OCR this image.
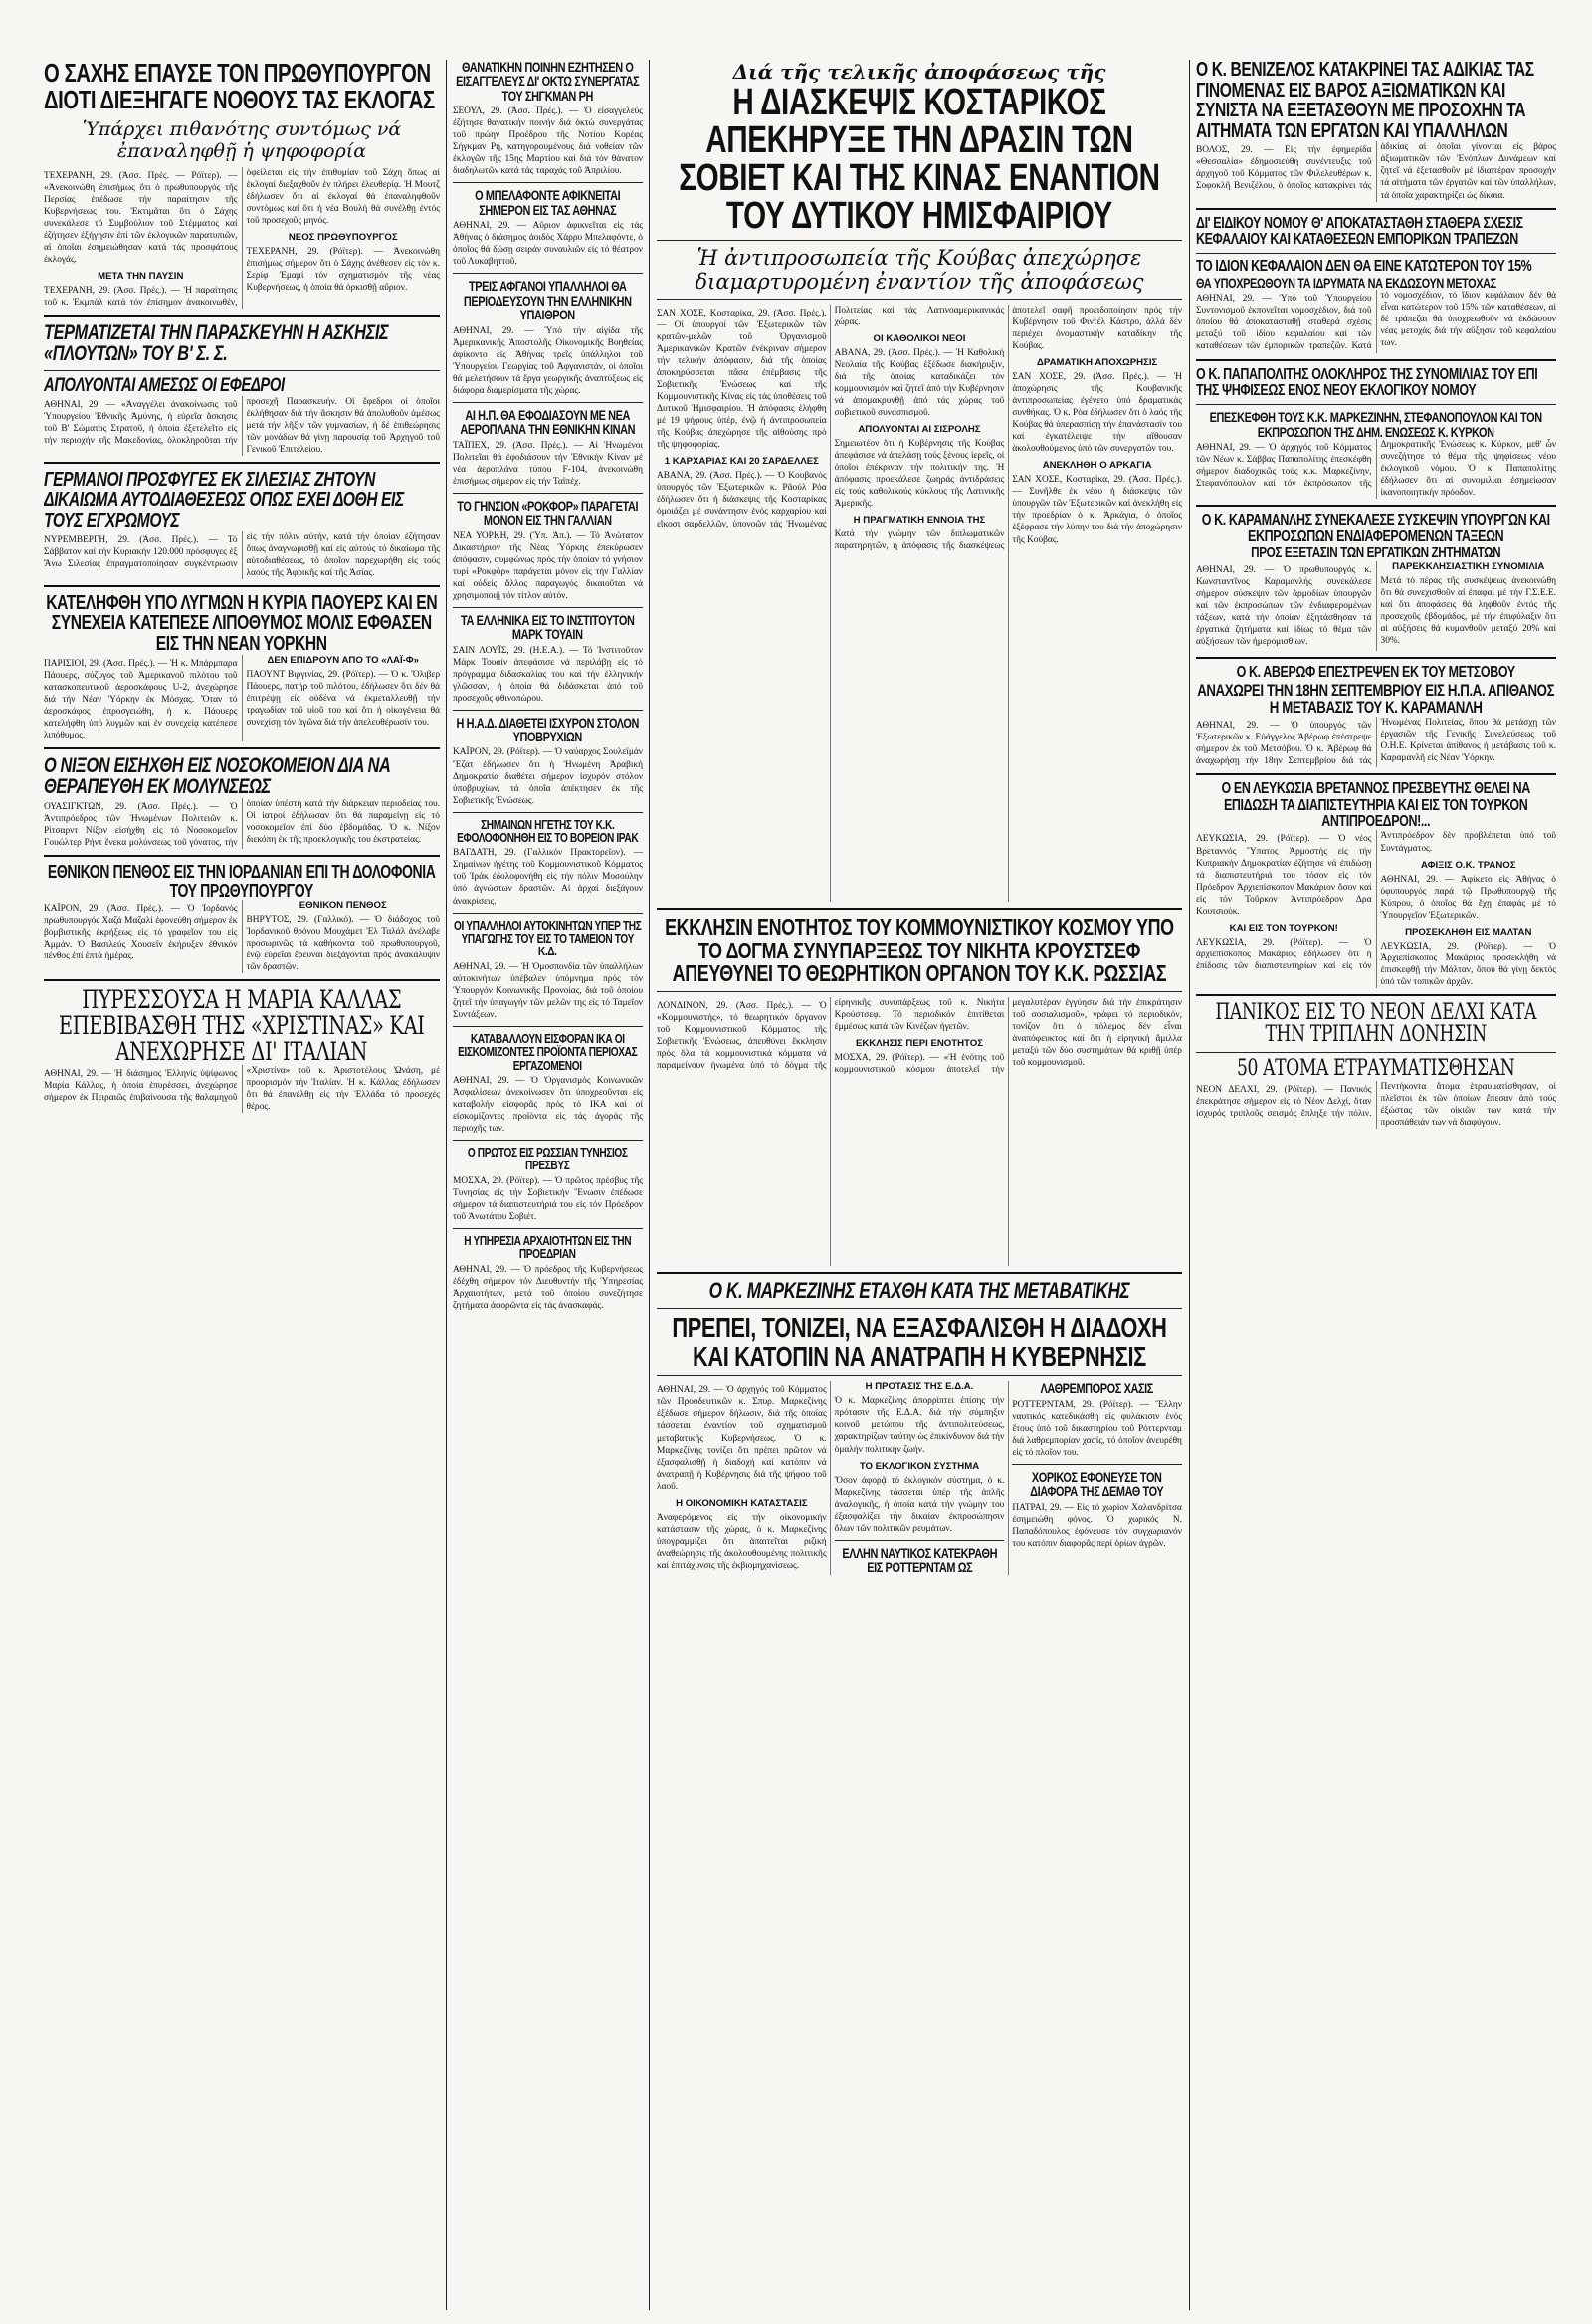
Ο ΣΑΧΗΣ ΕΠΑΥΣΕ ΤΟΝ ΠΡΩΘΥΠΟΥΡΓΟΝ ΔΙΟΤΙ ΔΙΕΞΗΓΑΓΕ ΝΟΘΟΥΣ ΤΑΣ ΕΚΛΟΓΑΣ
Ὑπάρχει πιθανότης συντόμως νά ἐπαναληφθῇ ἡ ψηφοφορία

ΤΕΧΕΡΑΝΗ, 29. (Ἀσσ. Πρές. — Ρόϊτερ). — «Ἀνεκοινώθη ἐπισήμως ὅτι ὁ πρωθυπουργός τῆς Περσίας ἐπέδωσε τήν παραίτησιν τῆς Κυβερνήσεως του. Ἐκτιμᾶται ὅτι ὁ Σάχης συνεκάλεσε τό Συμβούλιον τοῦ Στέμματος καί ἐζήτησεν ἐξήγησιν ἐπί τῶν ἐκλογικῶν παρατυπιῶν, αἱ ὁποῖαι ἐσημειώθησαν κατά τάς προσφάτους ἐκλογάς.

ΜΕΤΑ ΤΗΝ ΠΑΥΣΙΝ

ΤΕΧΕΡΑΝΗ, 29. (Ἀσσ. Πρές.). — Ἡ παραίτησις τοῦ κ. Ἐκμπάλ κατά τόν ἐπίσημον ἀνακοινωθέν, ὀφείλεται εἰς τήν ἐπιθυμίαν τοῦ Σάχη ὅπως αἱ ἐκλογαί διεξαχθοῦν ἐν πλήρει ἐλευθερίᾳ. Ἡ Μουτζ ἐδήλωσεν ὅτι αἱ ἐκλογαί θά ἐπαναληφθοῦν συντόμως καί ὅτι ἡ νέα Βουλή θά συνέλθῃ ἐντός τοῦ προσεχοῦς μηνός.

ΝΕΟΣ ΠΡΩΘΥΠΟΥΡΓΟΣ

ΤΕΧΕΡΑΝΗ, 29. (Ρόϊτερ). — Ἀνεκοινώθη ἐπισήμως σήμερον ὅτι ὁ Σάχης ἀνέθεσεν εἰς τόν κ. Σερίφ Ἐμαμί τόν σχηματισμόν τῆς νέας Κυβερνήσεως, ἡ ὁποία θά ὁρκισθῇ αὔριον.

ΤΕΡΜΑΤΙΖΕΤΑΙ ΤΗΝ ΠΑΡΑΣΚΕΥΗΝ Η ΑΣΚΗΣΙΣ «ΠΛΟΥΤΩΝ» ΤΟΥ Β' Σ. Σ.
ΑΠΟΛΥΟΝΤΑΙ ΑΜΕΣΩΣ ΟΙ ΕΦΕΔΡΟΙ

ΑΘΗΝΑΙ, 29. — «Ἀναγγέλει ἀνακοίνωσις τοῦ Ὑπουργείου Ἐθνικῆς Ἀμύνης, ἡ εὐρεῖα ἄσκησις τοῦ Β' Σώματος Στρατοῦ, ἡ ὁποία ἐξετελεῖτο εἰς τήν περιοχήν τῆς Μακεδονίας, ὁλοκληροῦται τήν προσεχῆ Παρασκευήν. Οἱ ἔφεδροι οἱ ὁποῖοι ἐκλήθησαν διά τήν ἄσκησιν θά ἀπολυθοῦν ἀμέσως μετά τήν λῆξιν τῶν γυμνασίων, ἡ δέ ἐπιθεώρησις τῶν μονάδων θά γίνῃ παρουσίᾳ τοῦ Ἀρχηγοῦ τοῦ Γενικοῦ Ἐπιτελείου.

ΓΕΡΜΑΝΟΙ ΠΡΟΣΦΥΓΕΣ ΕΚ ΣΙΛΕΣΙΑΣ ΖΗΤΟΥΝ ΔΙΚΑΙΩΜΑ ΑΥΤΟΔΙΑΘΕΣΕΩΣ ΟΠΩΣ ΕΧΕΙ ΔΟΘΗ ΕΙΣ ΤΟΥΣ ΕΓΧΡΩΜΟΥΣ

ΝΥΡΕΜΒΕΡΓΗ, 29. (Ἀσσ. Πρές.). — Τό Σάββατον καί τήν Κυριακήν 120.000 πρόσφυγες ἐξ Ἄνω Σιλεσίας ἐπραγματοποίησαν συγκέντρωσιν εἰς τήν πόλιν αὐτήν, κατά τήν ὁποίαν ἐζήτησαν ὅπως ἀναγνωρισθῇ καί εἰς αὐτούς τό δικαίωμα τῆς αὐτοδιαθέσεως, τό ὁποῖον παρεχωρήθη εἰς τούς λαούς τῆς Ἀφρικῆς καί τῆς Ἀσίας.

ΚΑΤΕΛΗΦΘΗ ΥΠΟ ΛΥΓΜΩΝ Η ΚΥΡΙΑ ΠΑΟΥΕΡΣ ΚΑΙ ΕΝ ΣΥΝΕΧΕΙΑ ΚΑΤΕΠΕΣΕ ΛΙΠΟΘΥΜΟΣ ΜΟΛΙΣ ΕΦΘΑΣΕΝ ΕΙΣ ΤΗΝ ΝΕΑΝ ΥΟΡΚΗΝ

ΠΑΡΙΣΙΟΙ, 29. (Ἀσσ. Πρές.). — Ἡ κ. Μπάρμπαρα Πάουερς, σύζυγος τοῦ Ἀμερικανοῦ πιλότου τοῦ κατασκοπευτικοῦ ἀεροσκάφους U-2, ἀνεχώρησε διά τήν Νέαν Ὑόρκην ἐκ Μόσχας. Ὅταν τό ἀεροσκάφος ἐπροσγειώθη, ἡ κ. Πάουερς κατελήφθη ὑπό λυγμῶν καί ἐν συνεχείᾳ κατέπεσε λιπόθυμος.

ΔΕΝ ΕΠΙΔΡΟΥΝ ΑΠΟ ΤΟ «ΛΑΪ-Φ»

ΠΑΟΥΝΤ Βιργινίας, 29. (Ρόϊτερ). — Ὁ κ. Ὄλιβερ Πάουερς, πατήρ τοῦ πιλότου, ἐδήλωσεν ὅτι δέν θά ἐπιτρέψῃ εἰς οὐδένα νά ἐκμεταλλευθῇ τήν τραγωδίαν τοῦ υἱοῦ του καί ὅτι ἡ οἰκογένεια θά συνεχίσῃ τόν ἀγῶνα διά τήν ἀπελευθέρωσίν του.

Ο ΝΙΞΟΝ ΕΙΣΗΧΘΗ ΕΙΣ ΝΟΣΟΚΟΜΕΙΟΝ ΔΙΑ ΝΑ ΘΕΡΑΠΕΥΘΗ ΕΚ ΜΟΛΥΝΣΕΩΣ

ΟΥΑΣΙΓΚΤΩΝ, 29. (Ἀσσ. Πρές.). — Ὁ Ἀντιπρόεδρος τῶν Ἡνωμένων Πολιτειῶν κ. Ρίτσαρντ Νίξον εἰσήχθη εἰς τό Νοσοκομεῖον Γουώλτερ Ρήντ ἕνεκα μολύνσεως τοῦ γόνατος, τήν ὁποίαν ὑπέστη κατά τήν διάρκειαν περιοδείας του. Οἱ ἰατροί ἐδήλωσαν ὅτι θά παραμείνῃ εἰς τό νοσοκομεῖον ἐπί δύο ἑβδομάδας. Ὁ κ. Νίξον διεκόπη ἐκ τῆς προεκλογικῆς του ἐκστρατείας.

ΕΘΝΙΚΟΝ ΠΕΝΘΟΣ ΕΙΣ ΤΗΝ ΙΟΡΔΑΝΙΑΝ ΕΠΙ ΤΗ ΔΟΛΟΦΟΝΙΑ ΤΟΥ ΠΡΩΘΥΠΟΥΡΓΟΥ

ΚΑΪΡΟΝ, 29. (Ἀσσ. Πρές.). — Ὁ Ἰορδανός πρωθυπουργός Χαζά Μαζαλί ἐφονεύθη σήμερον ἐκ βομβιστικῆς ἐκρήξεως εἰς τό γραφεῖον του εἰς Ἀμμάν. Ὁ Βασιλεύς Χουσεΐν ἐκήρυξεν ἐθνικόν πένθος ἐπί ἑπτά ἡμέρας.

ΕΘΝΙΚΟΝ ΠΕΝΘΟΣ

ΒΗΡΥΤΟΣ, 29. (Γαλλικό). — Ὁ διάδοχος τοῦ Ἰορδανικοῦ θρόνου Μουχάμετ Ἐλ Ταλάλ ἀνέλαβε προσωρινῶς τά καθήκοντα τοῦ πρωθυπουργοῦ, ἐνῷ εὐρεῖαι ἔρευναι διεξάγονται πρός ἀνακάλυψιν τῶν δραστῶν.

ΠΥΡΕΣΣΟΥΣΑ Η ΜΑΡΙΑ ΚΑΛΛΑΣ ΕΠΕΒΙΒΑΣΘΗ ΤΗΣ «ΧΡΙΣΤΙΝΑΣ» ΚΑΙ ΑΝΕΧΩΡΗΣΕ ΔΙ' ΙΤΑΛΙΑΝ

ΑΘΗΝΑΙ, 29. — Ἡ διάσημος Ἑλληνίς ὑψίφωνος Μαρία Κάλλας, ἡ ὁποία ἐπυρέσσει, ἀνεχώρησε σήμερον ἐκ Πειραιῶς ἐπιβαίνουσα τῆς θαλαμηγοῦ «Χριστίνα» τοῦ κ. Ἀριστοτέλους Ὠνάση, μέ προορισμόν τήν Ἰταλίαν. Ἡ κ. Κάλλας ἐδήλωσεν ὅτι θά ἐπανέλθῃ εἰς τήν Ἑλλάδα τό προσεχές θέρος.

ΘΑΝΑΤΙΚΗΝ ΠΟΙΝΗΝ ΕΖΗΤΗΣΕΝ Ο ΕΙΣΑΓΓΕΛΕΥΣ ΔΙ' ΟΚΤΩ ΣΥΝΕΡΓΑΤΑΣ ΤΟΥ ΣΗΓΚΜΑΝ ΡΗ

ΣΕΟΥΛ, 29. (Ἀσσ. Πρές.). — Ὁ εἰσαγγελεύς ἐζήτησε θανατικήν ποινήν διά ὀκτώ συνεργάτας τοῦ πρώην Προέδρου τῆς Νοτίου Κορέας Σήγκμαν Ρή, κατηγορουμένους διά νοθείαν τῶν ἐκλογῶν τῆς 15ης Μαρτίου καί διά τόν θάνατον διαδηλωτῶν κατά τάς ταραχάς τοῦ Ἀπριλίου.

Ο ΜΠΕΛΑΦΟΝΤΕ ΑΦΙΚΝΕΙΤΑΙ ΣΗΜΕΡΟΝ ΕΙΣ ΤΑΣ ΑΘΗΝΑΣ

ΑΘΗΝΑΙ, 29. — Αὔριον ἀφικνεῖται εἰς τάς Ἀθήνας ὁ διάσημος ἀοιδός Χάρρυ Μπελαφόντε, ὁ ὁποῖος θά δώσῃ σειράν συναυλιῶν εἰς τό θέατρον τοῦ Λυκαβηττοῦ.

ΤΡΕΙΣ ΑΦΓΑΝΟΙ ΥΠΑΛΛΗΛΟΙ ΘΑ ΠΕΡΙΟΔΕΥΣΟΥΝ ΤΗΝ ΕΛΛΗΝΙΚΗΝ ΥΠΑΙΘΡΟΝ

ΑΘΗΝΑΙ, 29. — Ὑπό τήν αἰγίδα τῆς Ἀμερικανικῆς Ἀποστολῆς Οἰκονομικῆς Βοηθείας ἀφίκοντο εἰς Ἀθήνας τρεῖς ὑπάλληλοι τοῦ Ὑπουργείου Γεωργίας τοῦ Ἀφγανιστάν, οἱ ὁποῖοι θά μελετήσουν τά ἔργα γεωργικῆς ἀναπτύξεως εἰς διάφορα διαμερίσματα τῆς χώρας.

ΑΙ Η.Π. ΘΑ ΕΦΟΔΙΑΣΟΥΝ ΜΕ ΝΕΑ ΑΕΡΟΠΛΑΝΑ ΤΗΝ ΕΘΝΙΚΗΝ ΚΙΝΑΝ

ΤΑΪΠΕΧ, 29. (Ἀσσ. Πρές.). — Αἱ Ἡνωμένοι Πολιτεῖαι θά ἐφοδιάσουν τήν Ἐθνικήν Κίναν μέ νέα ἀεροπλάνα τύπου F-104, ἀνεκοινώθη ἐπισήμως σήμερον εἰς τήν Ταϊπέχ.

ΤΟ ΓΗΝΣΙΟΝ «ΡΟΚΦΟΡ» ΠΑΡΑΓΕΤΑΙ ΜΟΝΟΝ ΕΙΣ ΤΗΝ ΓΑΛΛΙΑΝ

ΝΕΑ ΥΟΡΚΗ, 29. (Ὑπ. Ἀπ.). — Τό Ἀνώτατον Δικαστήριον τῆς Νέας Ὑόρκης ἐπεκύρωσεν ἀπόφασιν, συμφώνως πρός τήν ὁποίαν τό γνήσιον τυρί «Ροκφόρ» παράγεται μόνον εἰς τήν Γαλλίαν καί οὐδείς ἄλλος παραγωγός δικαιοῦται νά χρησιμοποιῇ τόν τίτλον αὐτόν.

ΤΑ ΕΛΛΗΝΙΚΑ ΕΙΣ ΤΟ ΙΝΣΤΙΤΟΥΤΟΝ ΜΑΡΚ ΤΟΥΑΙΝ

ΣΑΙΝ ΛΟΥΪΣ, 29. (Η.Ε.Α.). — Τό Ἰνστιτοῦτον Μάρκ Τουαίν ἀπεφάσισε νά περιλάβῃ εἰς τό πρόγραμμα διδασκαλίας του καί τήν ἑλληνικήν γλῶσσαν, ἡ ὁποία θά διδάσκεται ἀπό τοῦ προσεχοῦς φθινοπώρου.

Η Η.Α.Δ. ΔΙΑΘΕΤΕΙ ΙΣΧΥΡΟΝ ΣΤΟΛΟΝ ΥΠΟΒΡΥΧΙΩΝ

ΚΑΪΡΟΝ, 29. (Ρόϊτερ). — Ὁ ναύαρχος Σουλεϊμάν Ἔζατ ἐδήλωσεν ὅτι ἡ Ἡνωμένη Ἀραβική Δημοκρατία διαθέτει σήμερον ἰσχυρόν στόλον ὑποβρυχίων, τά ὁποῖα ἀπέκτησεν ἐκ τῆς Σοβιετικῆς Ἑνώσεως.

ΣΗΜΑΙΝΩΝ ΗΓΕΤΗΣ ΤΟΥ Κ.Κ. ΕΦΟΛΟΦΟΝΗΘΗ ΕΙΣ ΤΟ ΒΟΡΕΙΟΝ ΙΡΑΚ

ΒΑΓΔΑΤΗ, 29. (Γαλλικόν Πρακτορεῖον). — Σημαίνων ἡγέτης τοῦ Κομμουνιστικοῦ Κόμματος τοῦ Ἰράκ ἐδολοφονήθη εἰς τήν πόλιν Μοσούλην ὑπό ἀγνώστων δραστῶν. Αἱ ἀρχαί διεξάγουν ἀνακρίσεις.

ΟΙ ΥΠΑΛΛΗΛΟΙ ΑΥΤΟΚΙΝΗΤΩΝ ΥΠΕΡ ΤΗΣ ΥΠΑΓΩΓΗΣ ΤΟΥ ΕΙΣ ΤΟ ΤΑΜΕΙΟΝ ΤΟΥ Κ.Δ.

ΑΘΗΝΑΙ, 29. — Ἡ Ὁμοσπονδία τῶν ὑπαλλήλων αὐτοκινήτων ὑπέβαλεν ὑπόμνημα πρός τόν Ὑπουργόν Κοινωνικῆς Προνοίας, διά τοῦ ὁποίου ζητεῖ τήν ὑπαγωγήν τῶν μελῶν της εἰς τό Ταμεῖον Συντάξεων.

ΚΑΤΑΒΑΛΛΟΥΝ ΕΙΣΦΟΡΑΝ ΙΚΑ ΟΙ ΕΙΣΚΟΜΙΖΟΝΤΕΣ ΠΡΟΪΟΝΤΑ ΠΕΡΙΟΧΑΣ ΕΡΓΑΖΟΜΕΝΟΙ

ΑΘΗΝΑΙ, 29. — Ὁ Ὀργανισμός Κοινωνικῶν Ἀσφαλίσεων ἀνεκοίνωσεν ὅτι ὑποχρεοῦνται εἰς καταβολήν εἰσφορᾶς πρός τό ΙΚΑ καί οἱ εἰσκομίζοντες προϊόντα εἰς τάς ἀγοράς τῆς περιοχῆς των.

Ο ΠΡΩΤΟΣ ΕΙΣ ΡΩΣΣΙΑΝ ΤΥΝΗΣΙΟΣ ΠΡΕΣΒΥΣ

ΜΟΣΧΑ, 29. (Ρόϊτερ). — Ὁ πρῶτος πρέσβυς τῆς Τυνησίας εἰς τήν Σοβιετικήν Ἕνωσιν ἐπέδωσε σήμερον τά διαπιστευτήριά του εἰς τόν Πρόεδρον τοῦ Ἀνωτάτου Σοβιέτ.

Η ΥΠΗΡΕΣΙΑ ΑΡΧΑΙΟΤΗΤΩΝ ΕΙΣ ΤΗΝ ΠΡΟΕΔΡΙΑΝ

ΑΘΗΝΑΙ, 29. — Ὁ πρόεδρος τῆς Κυβερνήσεως ἐδέχθη σήμερον τόν Διευθυντήν τῆς Ὑπηρεσίας Ἀρχαιοτήτων, μετά τοῦ ὁποίου συνεζήτησε ζητήματα ἀφορῶντα εἰς τάς ἀνασκαφάς.

Διά τῆς τελικῆς ἀποφάσεως τῆς
Η ΔΙΑΣΚΕΨΙΣ ΚΟΣΤΑΡΙΚΟΣ ΑΠΕΚΗΡΥΞΕ ΤΗΝ ΔΡΑΣΙΝ ΤΩΝ ΣΟΒΙΕΤ ΚΑΙ ΤΗΣ ΚΙΝΑΣ ΕΝΑΝΤΙΟΝ ΤΟΥ ΔΥΤΙΚΟΥ ΗΜΙΣΦΑΙΡΙΟΥ
Ἡ ἀντιπροσωπεία τῆς Κούβας ἀπεχώρησε
διαμαρτυρομένη ἐναντίον τῆς ἀποφάσεως

ΣΑΝ ΧΟΣΕ, Κοσταρίκα, 29. (Ἀσσ. Πρές.). — Οἱ ὑπουργοί τῶν Ἐξωτερικῶν τῶν κρατῶν-μελῶν τοῦ Ὀργανισμοῦ Ἀμερικανικῶν Κρατῶν ἐνέκριναν σήμερον τήν τελικήν ἀπόφασιν, διά τῆς ὁποίας ἀποκηρύσσεται πᾶσα ἐπέμβασις τῆς Σοβιετικῆς Ἑνώσεως καί τῆς Κομμουνιστικῆς Κίνας εἰς τάς ὑποθέσεις τοῦ Δυτικοῦ Ἡμισφαιρίου. Ἡ ἀπόφασις ἐλήφθη μέ 19 ψήφους ὑπέρ, ἐνῷ ἡ ἀντιπροσωπεία τῆς Κούβας ἀπεχώρησε τῆς αἰθούσης πρό τῆς ψηφοφορίας.

1 ΚΑΡΧΑΡΙΑΣ ΚΑΙ 20 ΣΑΡΔΕΛΛΕΣ

ΑΒΑΝΑ, 29. (Ἀσσ. Πρές.). — Ὁ Κουβανός ὑπουργός τῶν Ἐξωτερικῶν κ. Ρᾶούλ Ρόα ἐδήλωσεν ὅτι ἡ διάσκεψις τῆς Κοσταρίκας ὁμοιάζει μέ συνάντησιν ἑνός καρχαρίου καί εἴκοσι σαρδελλῶν, ὑπονοῶν τάς Ἡνωμένας Πολιτείας καί τάς Λατινοαμερικανικάς χώρας.

ΟΙ ΚΑΘΟΛΙΚΟΙ ΝΕΟΙ

ΑΒΑΝΑ, 29. (Ἀσσ. Πρές.). — Ἡ Καθολική Νεολαία τῆς Κούβας ἐξέδωσε διακήρυξιν, διά τῆς ὁποίας καταδικάζει τόν κομμουνισμόν καί ζητεῖ ἀπό τήν Κυβέρνησιν νά ἀπομακρυνθῇ ἀπό τάς χώρας τοῦ σοβιετικοῦ συνασπισμοῦ.

ΑΠΟΛΥΟΝΤΑΙ ΑΙ ΣΙΣΡΟΛΗΣ

Σημειωτέον ὅτι ἡ Κυβέρνησις τῆς Κούβας ἀπεφάσισε νά ἀπελάσῃ τούς ξένους ἱερεῖς, οἱ ὁποῖοι ἐπέκριναν τήν πολιτικήν της. Ἡ ἀπόφασις προεκάλεσε ζωηράς ἀντιδράσεις εἰς τούς καθολικούς κύκλους τῆς Λατινικῆς Ἀμερικῆς.

Η ΠΡΑΓΜΑΤΙΚΗ ΕΝΝΟΙΑ ΤΗΣ

Κατά τήν γνώμην τῶν διπλωματικῶν παρατηρητῶν, ἡ ἀπόφασις τῆς διασκέψεως ἀποτελεῖ σαφῆ προειδοποίησιν πρός τήν Κυβέρνησιν τοῦ Φιντέλ Κάστρο, ἀλλά δέν περιέχει ὀνομαστικήν καταδίκην τῆς Κούβας.

ΔΡΑΜΑΤΙΚΗ ΑΠΟΧΩΡΗΣΙΣ

ΣΑΝ ΧΟΣΕ, 29. (Ἀσσ. Πρές.). — Ἡ ἀποχώρησις τῆς Κουβανικῆς ἀντιπροσωπείας ἐγένετο ὑπό δραματικάς συνθήκας. Ὁ κ. Ρόα ἐδήλωσεν ὅτι ὁ λαός τῆς Κούβας θά ὑπερασπίσῃ τήν ἐπανάστασίν του καί ἐγκατέλειψε τήν αἴθουσαν ἀκολουθούμενος ὑπό τῶν συνεργατῶν του.

ΑΝΕΚΛΗΘΗ Ο ΑΡΚΑΓΙΑ

ΣΑΝ ΧΟΣΕ, Κοσταρίκα, 29. (Ἀσσ. Πρές.). — Συνῆλθε ἐκ νέου ἡ διάσκεψις τῶν ὑπουργῶν τῶν Ἐξωτερικῶν καί ἀνεκλήθη εἰς τήν προεδρίαν ὁ κ. Ἀρκάγια, ὁ ὁποῖος ἐξέφρασε τήν λύπην του διά τήν ἀποχώρησιν τῆς Κούβας.

ΕΚΚΛΗΣΙΝ ΕΝΟΤΗΤΟΣ ΤΟΥ ΚΟΜΜΟΥΝΙΣΤΙΚΟΥ ΚΟΣΜΟΥ ΥΠΟ ΤΟ ΔΟΓΜΑ ΣΥΝΥΠΑΡΞΕΩΣ ΤΟΥ ΝΙΚΗΤΑ ΚΡΟΥΣΤΣΕΦ ΑΠΕΥΘΥΝΕΙ ΤΟ ΘΕΩΡΗΤΙΚΟΝ ΟΡΓΑΝΟΝ ΤΟΥ Κ.Κ. ΡΩΣΣΙΑΣ

ΛΟΝΔΙΝΟΝ, 29. (Ἀσσ. Πρές.). — Ὁ «Κομμουνιστής», τό θεωρητικόν ὄργανον τοῦ Κομμουνιστικοῦ Κόμματος τῆς Σοβιετικῆς Ἑνώσεως, ἀπευθύνει ἔκκλησιν πρός ὅλα τά κομμουνιστικά κόμματα νά παραμείνουν ἡνωμένα ὑπό τό δόγμα τῆς εἰρηνικῆς συνυπάρξεως τοῦ κ. Νικήτα Κρούστσεφ. Τό περιοδικόν ἐπιτίθεται ἐμμέσως κατά τῶν Κινέζων ἡγετῶν.

ΕΚΚΛΗΣΙΣ ΠΕΡΙ ΕΝΟΤΗΤΟΣ

ΜΟΣΧΑ, 29. (Ρόϊτερ). — «Ἡ ἑνότης τοῦ κομμουνιστικοῦ κόσμου ἀποτελεῖ τήν μεγαλυτέραν ἐγγύησιν διά τήν ἐπικράτησιν τοῦ σοσιαλισμοῦ», γράφει τό περιοδικόν, τονίζον ὅτι ὁ πόλεμος δέν εἶναι ἀναπόφευκτος καί ὅτι ἡ εἰρηνική ἅμιλλα μεταξύ τῶν δύο συστημάτων θά κριθῇ ὑπέρ τοῦ κομμουνισμοῦ.

Ο Κ. ΜΑΡΚΕΖΙΝΗΣ ΕΤΑΧΘΗ ΚΑΤΑ ΤΗΣ ΜΕΤΑΒΑΤΙΚΗΣ
ΠΡΕΠΕΙ, ΤΟΝΙΖΕΙ, ΝΑ ΕΞΑΣΦΑΛΙΣΘΗ Η ΔΙΑΔΟΧΗ ΚΑΙ ΚΑΤΟΠΙΝ ΝΑ ΑΝΑΤΡΑΠΗ Η ΚΥΒΕΡΝΗΣΙΣ

ΑΘΗΝΑΙ, 29. — Ὁ ἀρχηγός τοῦ Κόμματος τῶν Προοδευτικῶν κ. Σπυρ. Μαρκεζίνης ἐξέδωσε σήμερον δήλωσιν, διά τῆς ὁποίας τάσσεται ἐναντίον τοῦ σχηματισμοῦ μεταβατικῆς Κυβερνήσεως. Ὁ κ. Μαρκεζίνης τονίζει ὅτι πρέπει πρῶτον νά ἐξασφαλισθῇ ἡ διαδοχή καί κατόπιν νά ἀνατραπῇ ἡ Κυβέρνησις διά τῆς ψήφου τοῦ λαοῦ.

Η ΟΙΚΟΝΟΜΙΚΗ ΚΑΤΑΣΤΑΣΙΣ

Ἀναφερόμενος εἰς τήν οἰκονομικήν κατάστασιν τῆς χώρας, ὁ κ. Μαρκεζίνης ὑπογραμμίζει ὅτι ἀπαιτεῖται ριζική ἀναθεώρησις τῆς ἀκολουθουμένης πολιτικῆς καί ἐπιτάχυνσις τῆς ἐκβιομηχανίσεως.

Η ΠΡΟΤΑΣΙΣ ΤΗΣ Ε.Δ.Α.

Ὁ κ. Μαρκεζίνης ἀπορρίπτει ἐπίσης τήν πρότασιν τῆς Ε.Δ.Α. διά τήν σύμπηξιν κοινοῦ μετώπου τῆς ἀντιπολιτεύσεως, χαρακτηρίζων ταύτην ὡς ἐπικίνδυνον διά τήν ὁμαλήν πολιτικήν ζωήν.

ΤΟ ΕΚΛΟΓΙΚΟΝ ΣΥΣΤΗΜΑ

Ὅσον ἀφορᾷ τό ἐκλογικόν σύστημα, ὁ κ. Μαρκεζίνης τάσσεται ὑπέρ τῆς ἁπλῆς ἀναλογικῆς, ἡ ὁποία κατά τήν γνώμην του ἐξασφαλίζει τήν δικαίαν ἐκπροσώπησιν ὅλων τῶν πολιτικῶν ρευμάτων.

ΕΛΛΗΝ ΝΑΥΤΙΚΟΣ ΚΑΤΕΚΡΑΘΗ ΕΙΣ ΡΟΤΤΕΡΝΤΑΜ ΩΣ ΛΑΘΡΕΜΠΟΡΟΣ ΧΑΣΙΣ

ΡΟΤΤΕΡΝΤΑΜ, 29. (Ρόϊτερ). — Ἕλλην ναυτικός κατεδικάσθη εἰς φυλάκισιν ἑνός ἔτους ὑπό τοῦ δικαστηρίου τοῦ Ρόττερνταμ διά λαθρεμπορίαν χασίς, τό ὁποῖον ἀνευρέθη εἰς τό πλοῖον του.

ΧΟΡΙΚΟΣ ΕΦΟΝΕΥΣΕ ΤΟΝ ΔΙΑΦΟΡΑ ΤΗΣ ΔΕΜΑΘ ΤΟΥ

ΠΑΤΡΑΙ, 29. — Εἰς τό χωρίον Χαλανδρίτσα ἐσημειώθη φόνος. Ὁ χωρικός Ν. Παπαδόπουλος ἐφόνευσε τόν συγχωριανόν του κατόπιν διαφορᾶς περί ὁρίων ἀγρῶν.

Ο Κ. ΒΕΝΙΖΕΛΟΣ ΚΑΤΑΚΡΙΝΕΙ ΤΑΣ ΑΔΙΚΙΑΣ ΤΑΣ ΓΙΝΟΜΕΝΑΣ ΕΙΣ ΒΑΡΟΣ ΑΞΙΩΜΑΤΙΚΩΝ ΚΑΙ ΣΥΝΙΣΤΑ ΝΑ ΕΞΕΤΑΣΘΟΥΝ ΜΕ ΠΡΟΣΟΧΗΝ ΤΑ ΑΙΤΗΜΑΤΑ ΤΩΝ ΕΡΓΑΤΩΝ ΚΑΙ ΥΠΑΛΛΗΛΩΝ

ΒΟΛΟΣ, 29. — Εἰς τήν ἐφημερίδα «Θεσσαλία» ἐδημοσιεύθη συνέντευξις τοῦ ἀρχηγοῦ τοῦ Κόμματος τῶν Φιλελευθέρων κ. Σοφοκλῆ Βενιζέλου, ὁ ὁποῖος κατακρίνει τάς ἀδικίας αἱ ὁποῖαι γίνονται εἰς βάρος ἀξιωματικῶν τῶν Ἐνόπλων Δυνάμεων καί ζητεῖ νά ἐξετασθοῦν μέ ἰδιαιτέραν προσοχήν τά αἰτήματα τῶν ἐργατῶν καί τῶν ὑπαλλήλων, τά ὁποῖα χαρακτηρίζει ὡς δίκαια.

ΔΙ' ΕΙΔΙΚΟΥ ΝΟΜΟΥ Θ' ΑΠΟΚΑΤΑΣΤΑΘΗ ΣΤΑΘΕΡΑ ΣΧΕΣΙΣ ΚΕΦΑΛΑΙΟΥ ΚΑΙ ΚΑΤΑΘΕΣΕΩΝ ΕΜΠΟΡΙΚΩΝ ΤΡΑΠΕΖΩΝ
ΤΟ ΙΔΙΟΝ ΚΕΦΑΛΑΙΟΝ ΔΕΝ ΘΑ ΕΙΝΕ ΚΑΤΩΤΕΡΟΝ ΤΟΥ 15%
ΘΑ ΥΠΟΧΡΕΩΘΟΥΝ ΤΑ ΙΔΡΥΜΑΤΑ ΝΑ ΕΚΔΩΣΟΥΝ ΜΕΤΟΧΑΣ

ΑΘΗΝΑΙ, 29. — Ὑπό τοῦ Ὑπουργείου Συντονισμοῦ ἐκπονεῖται νομοσχέδιον, διά τοῦ ὁποίου θά ἀποκατασταθῇ σταθερά σχέσις μεταξύ τοῦ ἰδίου κεφαλαίου καί τῶν καταθέσεων τῶν ἐμπορικῶν τραπεζῶν. Κατά τό νομοσχέδιον, τό ἴδιον κεφάλαιον δέν θά εἶναι κατώτερον τοῦ 15% τῶν καταθέσεων, αἱ δέ τράπεζαι θά ὑποχρεωθοῦν νά ἐκδώσουν νέας μετοχάς διά τήν αὔξησιν τοῦ κεφαλαίου των.

Ο Κ. ΠΑΠΑΠΟΛΙΤΗΣ ΟΛΟΚΛΗΡΟΣ ΤΗΣ ΣΥΝΟΜΙΛΙΑΣ ΤΟΥ ΕΠΙ ΤΗΣ ΨΗΦΙΣΕΩΣ ΕΝΟΣ ΝΕΟΥ ΕΚΛΟΓΙΚΟΥ ΝΟΜΟΥ
ΕΠΕΣΚΕΦΘΗ ΤΟΥΣ Κ.Κ. ΜΑΡΚΕΖΙΝΗΝ, ΣΤΕΦΑΝΟΠΟΥΛΟΝ ΚΑΙ ΤΟΝ ΕΚΠΡΟΣΩΠΟΝ ΤΗΣ ΔΗΜ. ΕΝΩΣΕΩΣ Κ. ΚΥΡΚΟΝ

ΑΘΗΝΑΙ, 29. — Ὁ ἀρχηγός τοῦ Κόμματος τῶν Νέων κ. Σάββας Παπαπολίτης ἐπεσκέφθη σήμερον διαδοχικῶς τούς κ.κ. Μαρκεζίνην, Στεφανόπουλον καί τόν ἐκπρόσωπον τῆς Δημοκρατικῆς Ἑνώσεως κ. Κύρκον, μεθ' ὧν συνεζήτησε τό θέμα τῆς ψηφίσεως νέου ἐκλογικοῦ νόμου. Ὁ κ. Παπαπολίτης ἐδήλωσεν ὅτι αἱ συνομιλίαι ἐσημείωσαν ἱκανοποιητικήν πρόοδον.

Ο Κ. ΚΑΡΑΜΑΝΛΗΣ ΣΥΝΕΚΑΛΕΣΕ ΣΥΣΚΕΨΙΝ ΥΠΟΥΡΓΩΝ ΚΑΙ ΕΚΠΡΟΣΩΠΩΝ ΕΝΔΙΑΦΕΡΟΜΕΝΩΝ ΤΑΞΕΩΝ
ΠΡΟΣ ΕΞΕΤΑΣΙΝ ΤΩΝ ΕΡΓΑΤΙΚΩΝ ΖΗΤΗΜΑΤΩΝ

ΑΘΗΝΑΙ, 29. — Ὁ πρωθυπουργός κ. Κωνσταντῖνος Καραμανλής συνεκάλεσε σήμερον σύσκεψιν τῶν ἁρμοδίων ὑπουργῶν καί τῶν ἐκπροσώπων τῶν ἐνδιαφερομένων τάξεων, κατά τήν ὁποίαν ἐξητάσθησαν τά ἐργατικά ζητήματα καί ἰδίως τό θέμα τῶν αὐξήσεων τῶν ἡμερομισθίων.

ΠΑΡΕΚΚΛΗΣΙΑΣΤΙΚΗ ΣΥΝΟΜΙΛΙΑ

Μετά τό πέρας τῆς συσκέψεως ἀνεκοινώθη ὅτι θά συνεχισθοῦν αἱ ἐπαφαί μέ τήν Γ.Σ.Ε.Ε. καί ὅτι ἀποφάσεις θά ληφθοῦν ἐντός τῆς προσεχοῦς ἑβδομάδος, μέ τήν ἐπιφύλαξιν ὅτι αἱ αὐξήσεις θά κυμανθοῦν μεταξύ 20% καί 30%.

Ο Κ. ΑΒΕΡΩΦ ΕΠΕΣΤΡΕΨΕΝ ΕΚ ΤΟΥ ΜΕΤΣΟΒΟΥ
ΑΝΑΧΩΡΕΙ ΤΗΝ 18ΗΝ ΣΕΠΤΕΜΒΡΙΟΥ ΕΙΣ Η.Π.Α. ΑΠΙΘΑΝΟΣ Η ΜΕΤΑΒΑΣΙΣ ΤΟΥ Κ. ΚΑΡΑΜΑΝΛΗ

ΑΘΗΝΑΙ, 29. — Ὁ ὑπουργός τῶν Ἐξωτερικῶν κ. Εὐάγγελος Ἀβέρωφ ἐπέστρεψε σήμερον ἐκ τοῦ Μετσόβου. Ὁ κ. Ἀβέρωφ θά ἀναχωρήσῃ τήν 18ην Σεπτεμβρίου διά τάς Ἡνωμένας Πολιτείας, ὅπου θά μετάσχῃ τῶν ἐργασιῶν τῆς Γενικῆς Συνελεύσεως τοῦ Ο.Η.Ε. Κρίνεται ἀπίθανος ἡ μετάβασις τοῦ κ. Καραμανλῆ εἰς Νέαν Ὑόρκην.

Ο ΕΝ ΛΕΥΚΩΣΙΑ ΒΡΕΤΑΝΝΟΣ ΠΡΕΣΒΕΥΤΗΣ ΘΕΛΕΙ ΝΑ ΕΠΙΔΩΣΗ ΤΑ ΔΙΑΠΙΣΤΕΥΤΗΡΙΑ ΚΑΙ ΕΙΣ ΤΟΝ ΤΟΥΡΚΟΝ ΑΝΤΙΠΡΟΕΔΡΟΝ!...

ΛΕΥΚΩΣΙΑ, 29. (Ρόϊτερ). — Ὁ νέος Βρεταννός Ὕπατος Ἁρμοστής εἰς τήν Κυπριακήν Δημοκρατίαν ἐζήτησε νά ἐπιδώσῃ τά διαπιστευτήριά του τόσον εἰς τόν Πρόεδρον Ἀρχιεπίσκοπον Μακάριον ὅσον καί εἰς τόν Τοῦρκον Ἀντιπρόεδρον Δρα Κουτσιούκ.

ΚΑΙ ΕΙΣ ΤΟΝ ΤΟΥΡΚΟΝ!

ΛΕΥΚΩΣΙΑ, 29. (Ρόϊτερ). — Ὁ ἀρχιεπίσκοπος Μακάριος ἐδήλωσεν ὅτι ἡ ἐπίδοσις τῶν διαπιστευτηρίων καί εἰς τόν Ἀντιπρόεδρον δέν προβλέπεται ὑπό τοῦ Συντάγματος.

ΑΦΙΞΙΣ Ο.Κ. ΤΡΑΝΟΣ

ΑΘΗΝΑΙ, 29. — Ἀφίκετο εἰς Ἀθήνας ὁ ὑφυπουργός παρά τῷ Πρωθυπουργῷ τῆς Κύπρου, ὁ ὁποῖος θά ἔχῃ ἐπαφάς μέ τό Ὑπουργεῖον Ἐξωτερικῶν.

ΠΡΟΣΕΚΛΗΘΗ ΕΙΣ ΜΑΛΤΑΝ

ΛΕΥΚΩΣΙΑ, 29. (Ρόϊτερ). — Ὁ Ἀρχιεπίσκοπος Μακάριος προσεκλήθη νά ἐπισκεφθῇ τήν Μάλταν, ὅπου θά γίνῃ δεκτός ὑπό τῶν τοπικῶν ἀρχῶν.

ΠΑΝΙΚΟΣ ΕΙΣ ΤΟ ΝΕΟΝ ΔΕΛΧΙ ΚΑΤΑ ΤΗΝ ΤΡΙΠΛΗΝ ΔΟΝΗΣΙΝ
50 ΑΤΟΜΑ ΕΤΡΑΥΜΑΤΙΣΘΗΣΑΝ

ΝΕΟΝ ΔΕΛΧΙ, 29. (Ρόϊτερ). — Πανικός ἐπεκράτησε σήμερον εἰς τό Νέον Δελχί, ὅταν ἰσχυρός τριπλοῦς σεισμός ἔπληξε τήν πόλιν. Πεντήκοντα ἄτομα ἐτραυματίσθησαν, οἱ πλεῖστοι ἐκ τῶν ὁποίων ἔπεσαν ἀπό τούς ἐξώστας τῶν οἰκιῶν των κατά τήν προσπάθειάν των νά διαφύγουν.
